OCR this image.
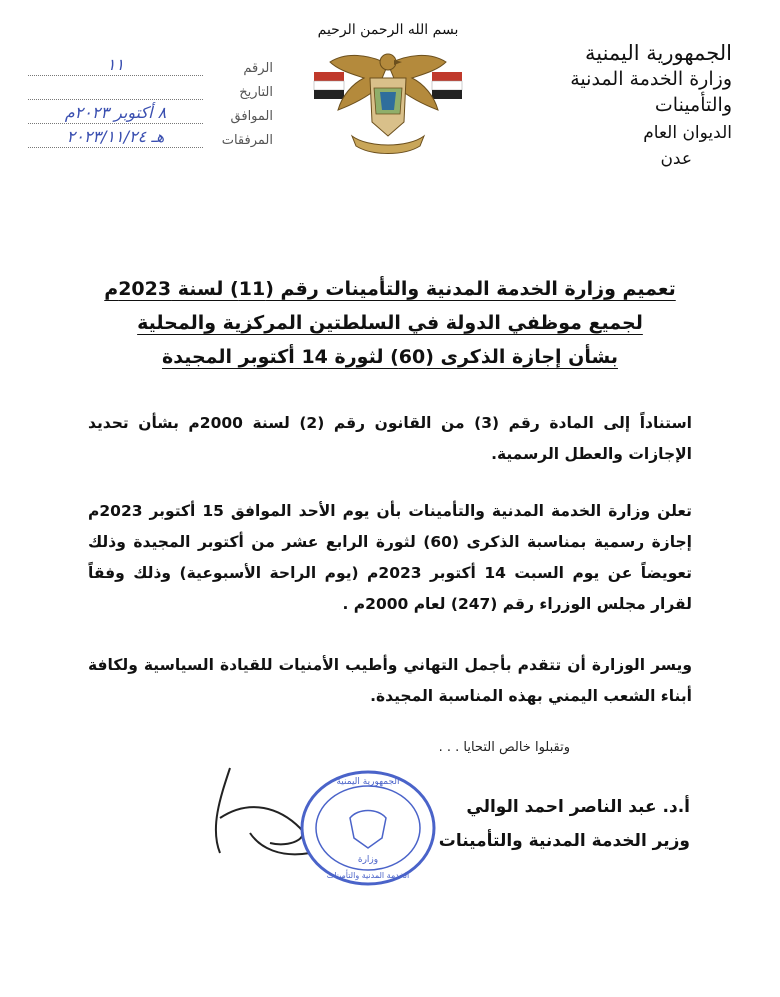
الجمهورية اليمنية
وزارة الخدمة المدنية والتأمينات
الديوان العام
عدن
بسم الله الرحمن الرحيم
الرقم
١١
التاريخ
الموافق
٨ أكتوبر ٢٠٢٣م
المرفقات
هـ ٢٠٢٣/١١/٢٤
تعميم وزارة الخدمة المدنية والتأمينات رقم (11) لسنة 2023م
لجميع موظفي الدولة في السلطتين المركزية والمحلية
بشأن إجازة الذكرى (60) لثورة 14 أكتوبر المجيدة

استناداً إلى المادة رقم (3) من القانون رقم (2) لسنة 2000م بشأن تحديد الإجازات والعطل الرسمية.

تعلن وزارة الخدمة المدنية والتأمينات بأن يوم الأحد الموافق 15 أكتوبر 2023م إجازة رسمية بمناسبة الذكرى (60) لثورة الرابع عشر من أكتوبر المجيدة وذلك تعويضاً عن يوم السبت 14 أكتوبر 2023م (يوم الراحة الأسبوعية) وذلك وفقاً لقرار مجلس الوزراء رقم (247) لعام 2000م .

ويسر الوزارة أن تتقدم بأجمل التهاني وأطيب الأمنيات للقيادة السياسية ولكافة أبناء الشعب اليمني بهذه المناسبة المجيدة.

وتقبلوا خالص التحايا . . .
الجمهورية اليمنية
وزارة
الخدمة المدنية والتأمينات
أ.د. عبد الناصر احمد الوالي
وزير الخدمة المدنية والتأمينات
